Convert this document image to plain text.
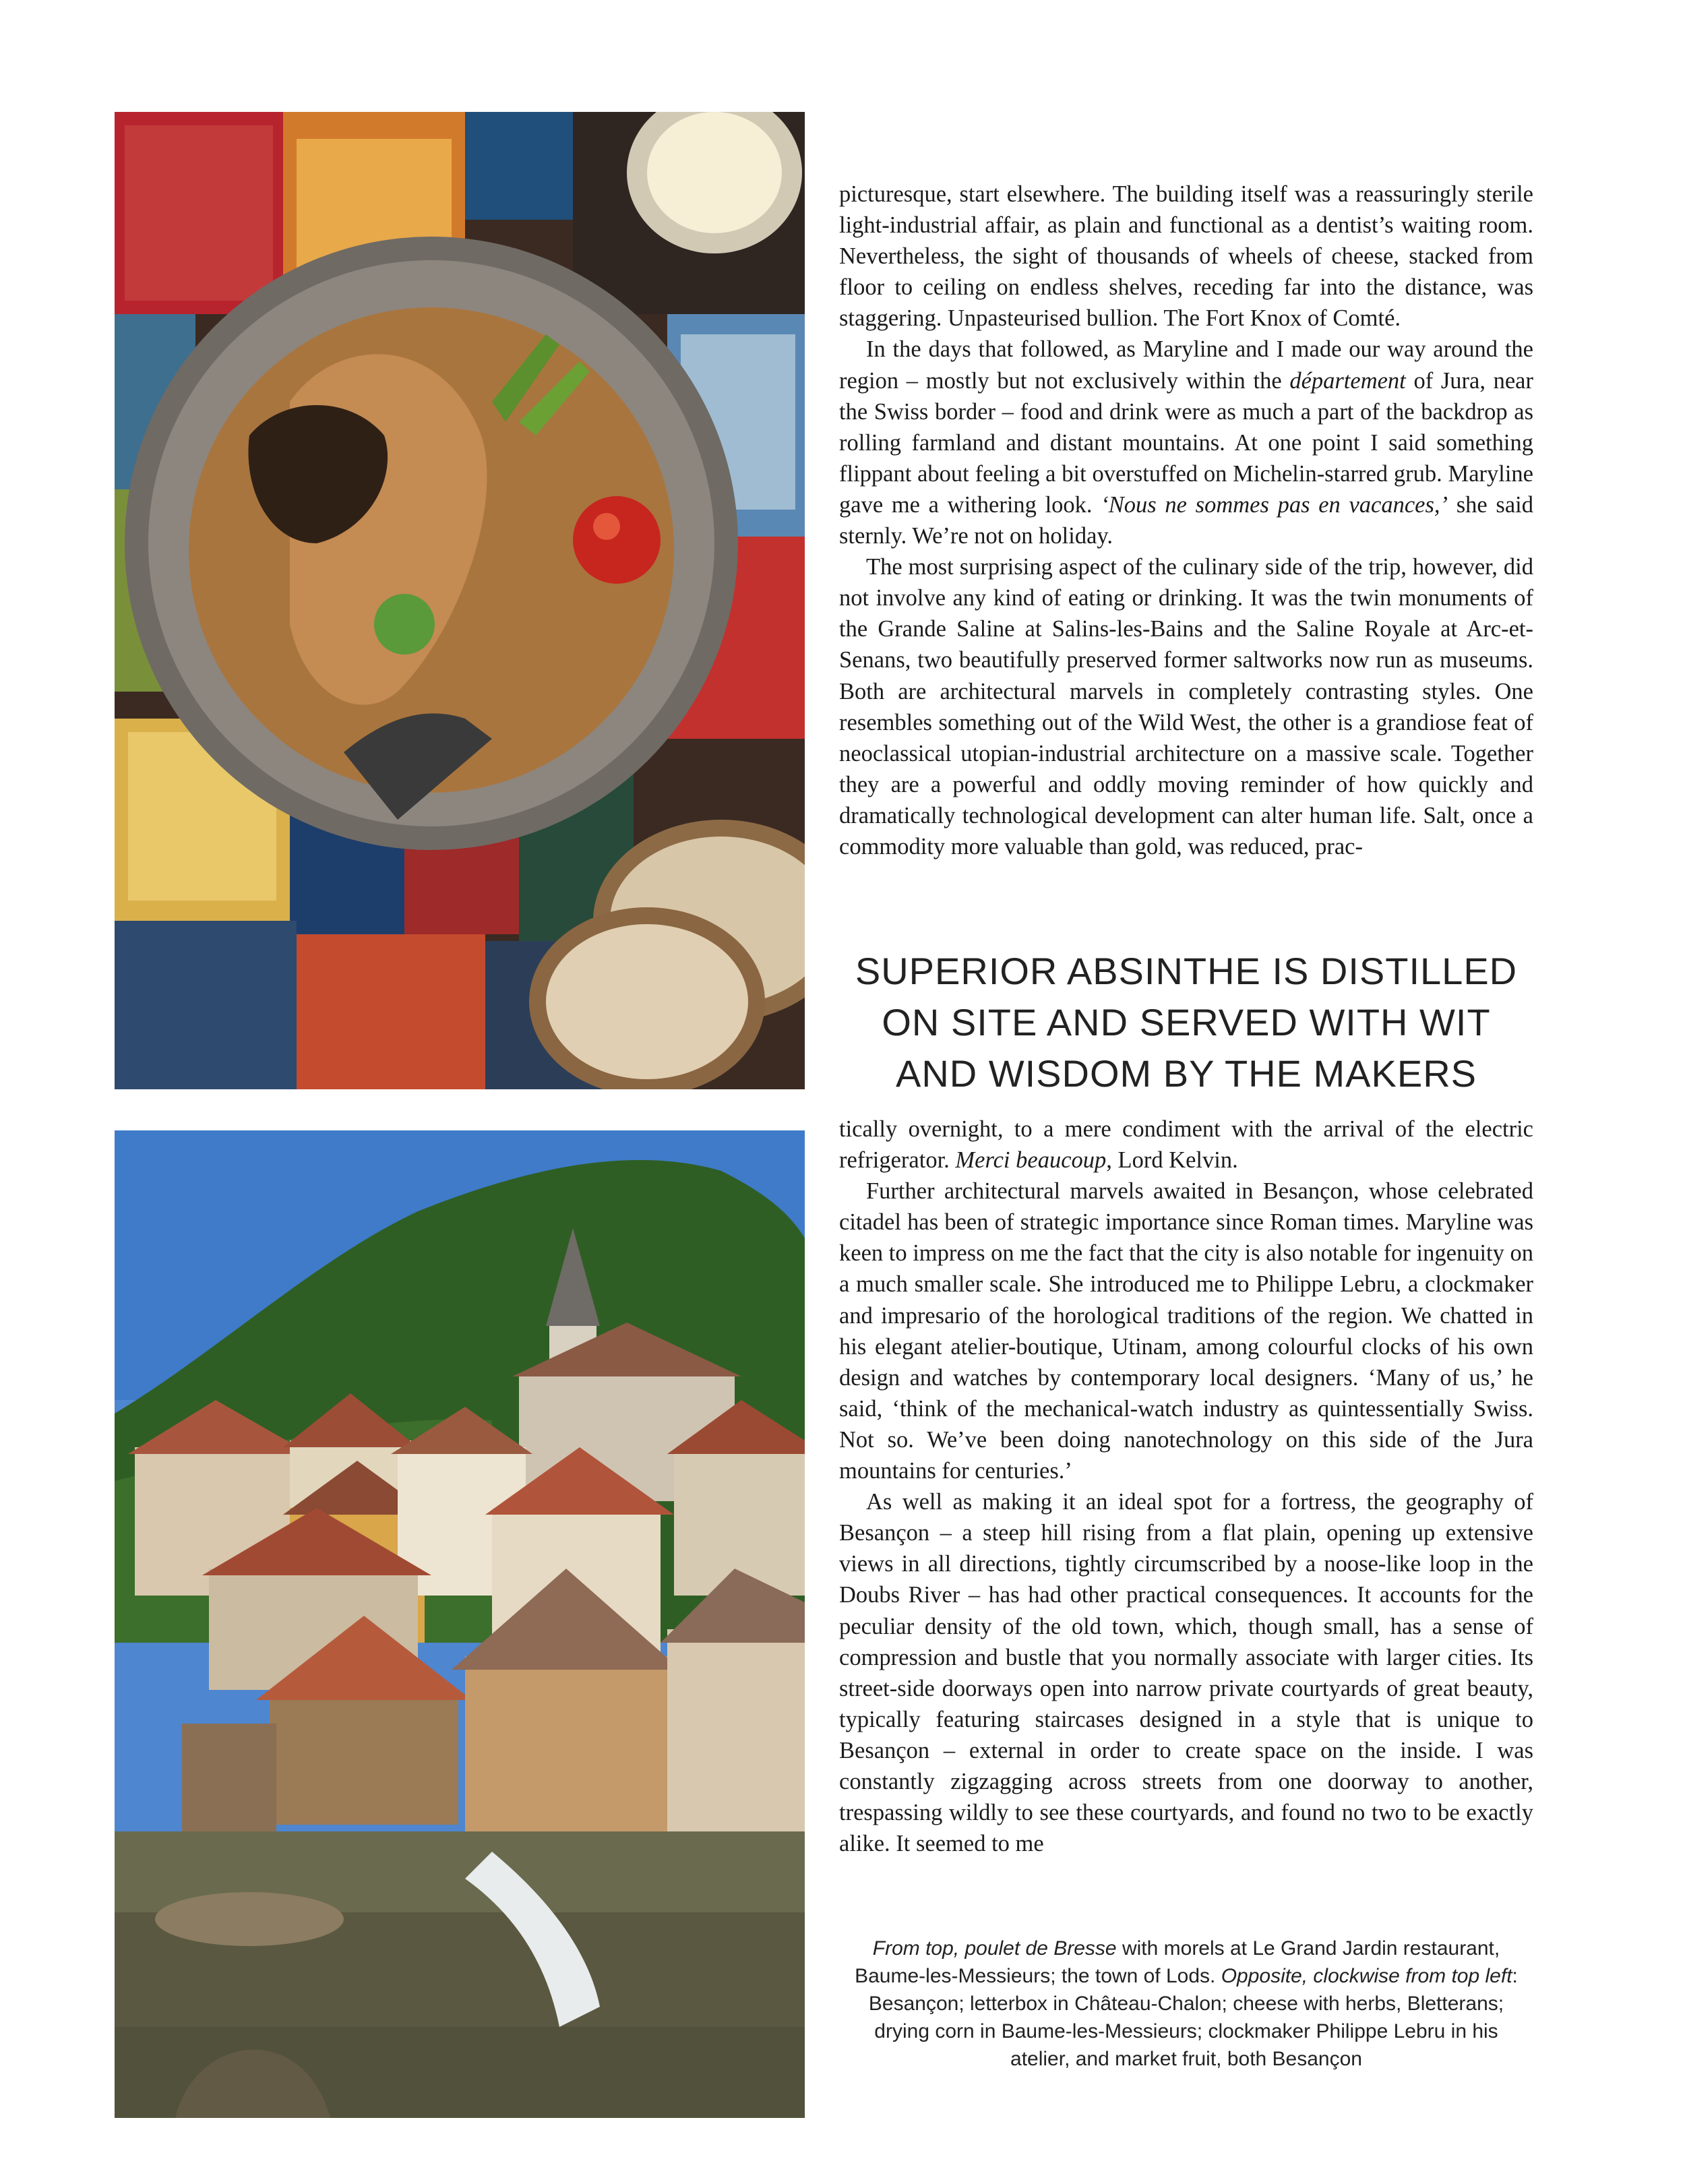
picturesque, start elsewhere. The building itself was a reassuringly sterile light-industrial affair, as plain and functional as a dentist’s waiting room. Nevertheless, the sight of thousands of wheels of cheese, stacked from floor to ceiling on endless shelves, receding far into the distance, was staggering. Unpasteurised bullion. The Fort Knox of Comté.

In the days that followed, as Maryline and I made our way around the region – mostly but not exclusively within the département of Jura, near the Swiss border – food and drink were as much a part of the backdrop as rolling farmland and distant mountains. At one point I said something flippant about feeling a bit overstuffed on Michelin-starred grub. Maryline gave me a withering look. ‘Nous ne sommes pas en vacances,’ she said sternly. We’re not on holiday.

The most surprising aspect of the culinary side of the trip, however, did not involve any kind of eating or drinking. It was the twin monuments of the Grande Saline at Salins-les-Bains and the Saline Royale at Arc-et-Senans, two beautifully preserved former saltworks now run as museums. Both are architectural marvels in completely contrasting styles. One resembles something out of the Wild West, the other is a grandiose feat of neoclassical utopian-industrial architecture on a massive scale. Together they are a powerful and oddly moving reminder of how quickly and dramatically technological development can alter human life. Salt, once a commodity more valuable than gold, was reduced, prac-

SUPERIOR ABSINTHE IS DISTILLED ON SITE AND SERVED WITH WIT AND WISDOM BY THE MAKERS

tically overnight, to a mere condiment with the arrival of the electric refrigerator. Merci beaucoup, Lord Kelvin.

Further architectural marvels awaited in Besançon, whose celebrated citadel has been of strategic importance since Roman times. Maryline was keen to impress on me the fact that the city is also notable for ingenuity on a much smaller scale. She introduced me to Philippe Lebru, a clockmaker and impresario of the horological traditions of the region. We chatted in his elegant atelier-boutique, Utinam, among colourful clocks of his own design and watches by contemporary local designers. ‘Many of us,’ he said, ‘think of the mechanical-watch industry as quintessentially Swiss. Not so. We’ve been doing nanotechnology on this side of the Jura mountains for centuries.’

As well as making it an ideal spot for a fortress, the geography of Besançon – a steep hill rising from a flat plain, opening up extensive views in all directions, tightly circumscribed by a noose-like loop in the Doubs River – has had other practical consequences. It accounts for the peculiar density of the old town, which, though small, has a sense of compression and bustle that you normally associate with larger cities. Its street-side doorways open into narrow private courtyards of great beauty, typically featuring staircases designed in a style that is unique to Besançon – external in order to create space on the inside. I was constantly zigzagging across streets from one doorway to another, trespassing wildly to see these courtyards, and found no two to be exactly alike. It seemed to me

From top, poulet de Bresse with morels at Le Grand Jardin restaurant, Baume-les-Messieurs; the town of Lods. Opposite, clockwise from top left: Besançon; letterbox in Château-Chalon; cheese with herbs, Bletterans; drying corn in Baume-les-Messieurs; clockmaker Philippe Lebru in his atelier, and market fruit, both Besançon
